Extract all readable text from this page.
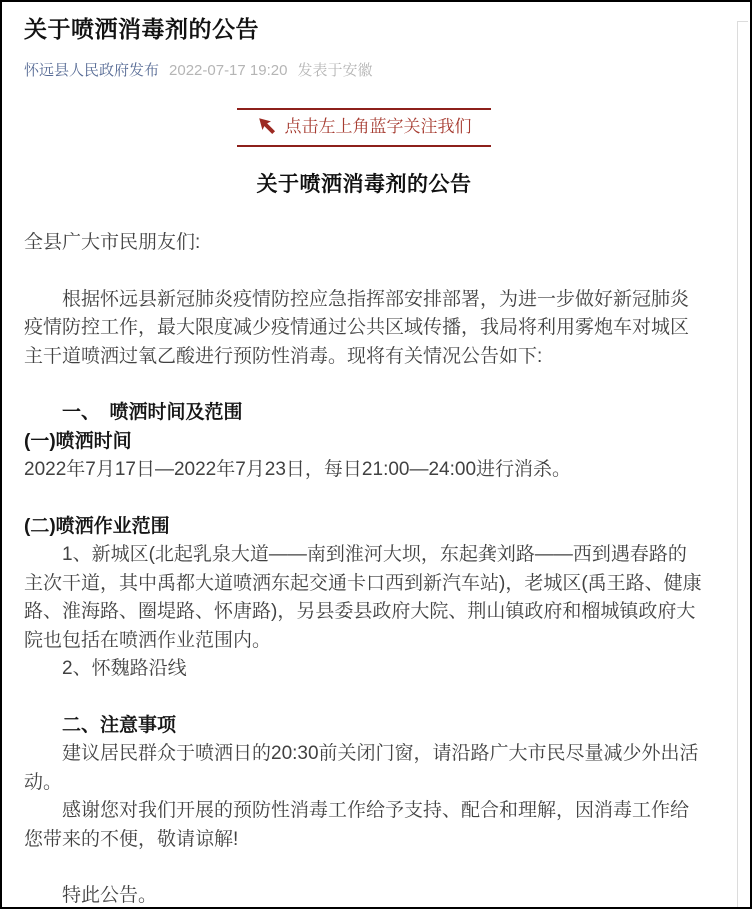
关于喷洒消毒剂的公告
怀远县人民政府发布 2022-07-17 19:20 发表于安徽
点击左上角蓝字关注我们
关于喷洒消毒剂的公告

全县广大市民朋友们:

根据怀远县新冠肺炎疫情防控应急指挥部安排部署，为进一步做好新冠肺炎疫情防控工作，最大限度减少疫情通过公共区域传播，我局将利用雾炮车对城区主干道喷洒过氧乙酸进行预防性消毒。现将有关情况公告如下:

一、　喷洒时间及范围

(一)喷洒时间

2022年7月17日—2022年7月23日，每日21:00—24:00进行消杀。

(二)喷洒作业范围

1、新城区(北起乳泉大道——南到淮河大坝，东起龚刘路——西到遇春路的主次干道，其中禹都大道喷洒东起交通卡口西到新汽车站)，老城区(禹王路、健康路、淮海路、圈堤路、怀唐路)，另县委县政府大院、荆山镇政府和榴城镇政府大院也包括在喷洒作业范围内。

2、怀魏路沿线

二、注意事项

建议居民群众于喷洒日的20:30前关闭门窗，请沿路广大市民尽量减少外出活动。

感谢您对我们开展的预防性消毒工作给予支持、配合和理解，因消毒工作给您带来的不便，敬请谅解!

特此公告。
